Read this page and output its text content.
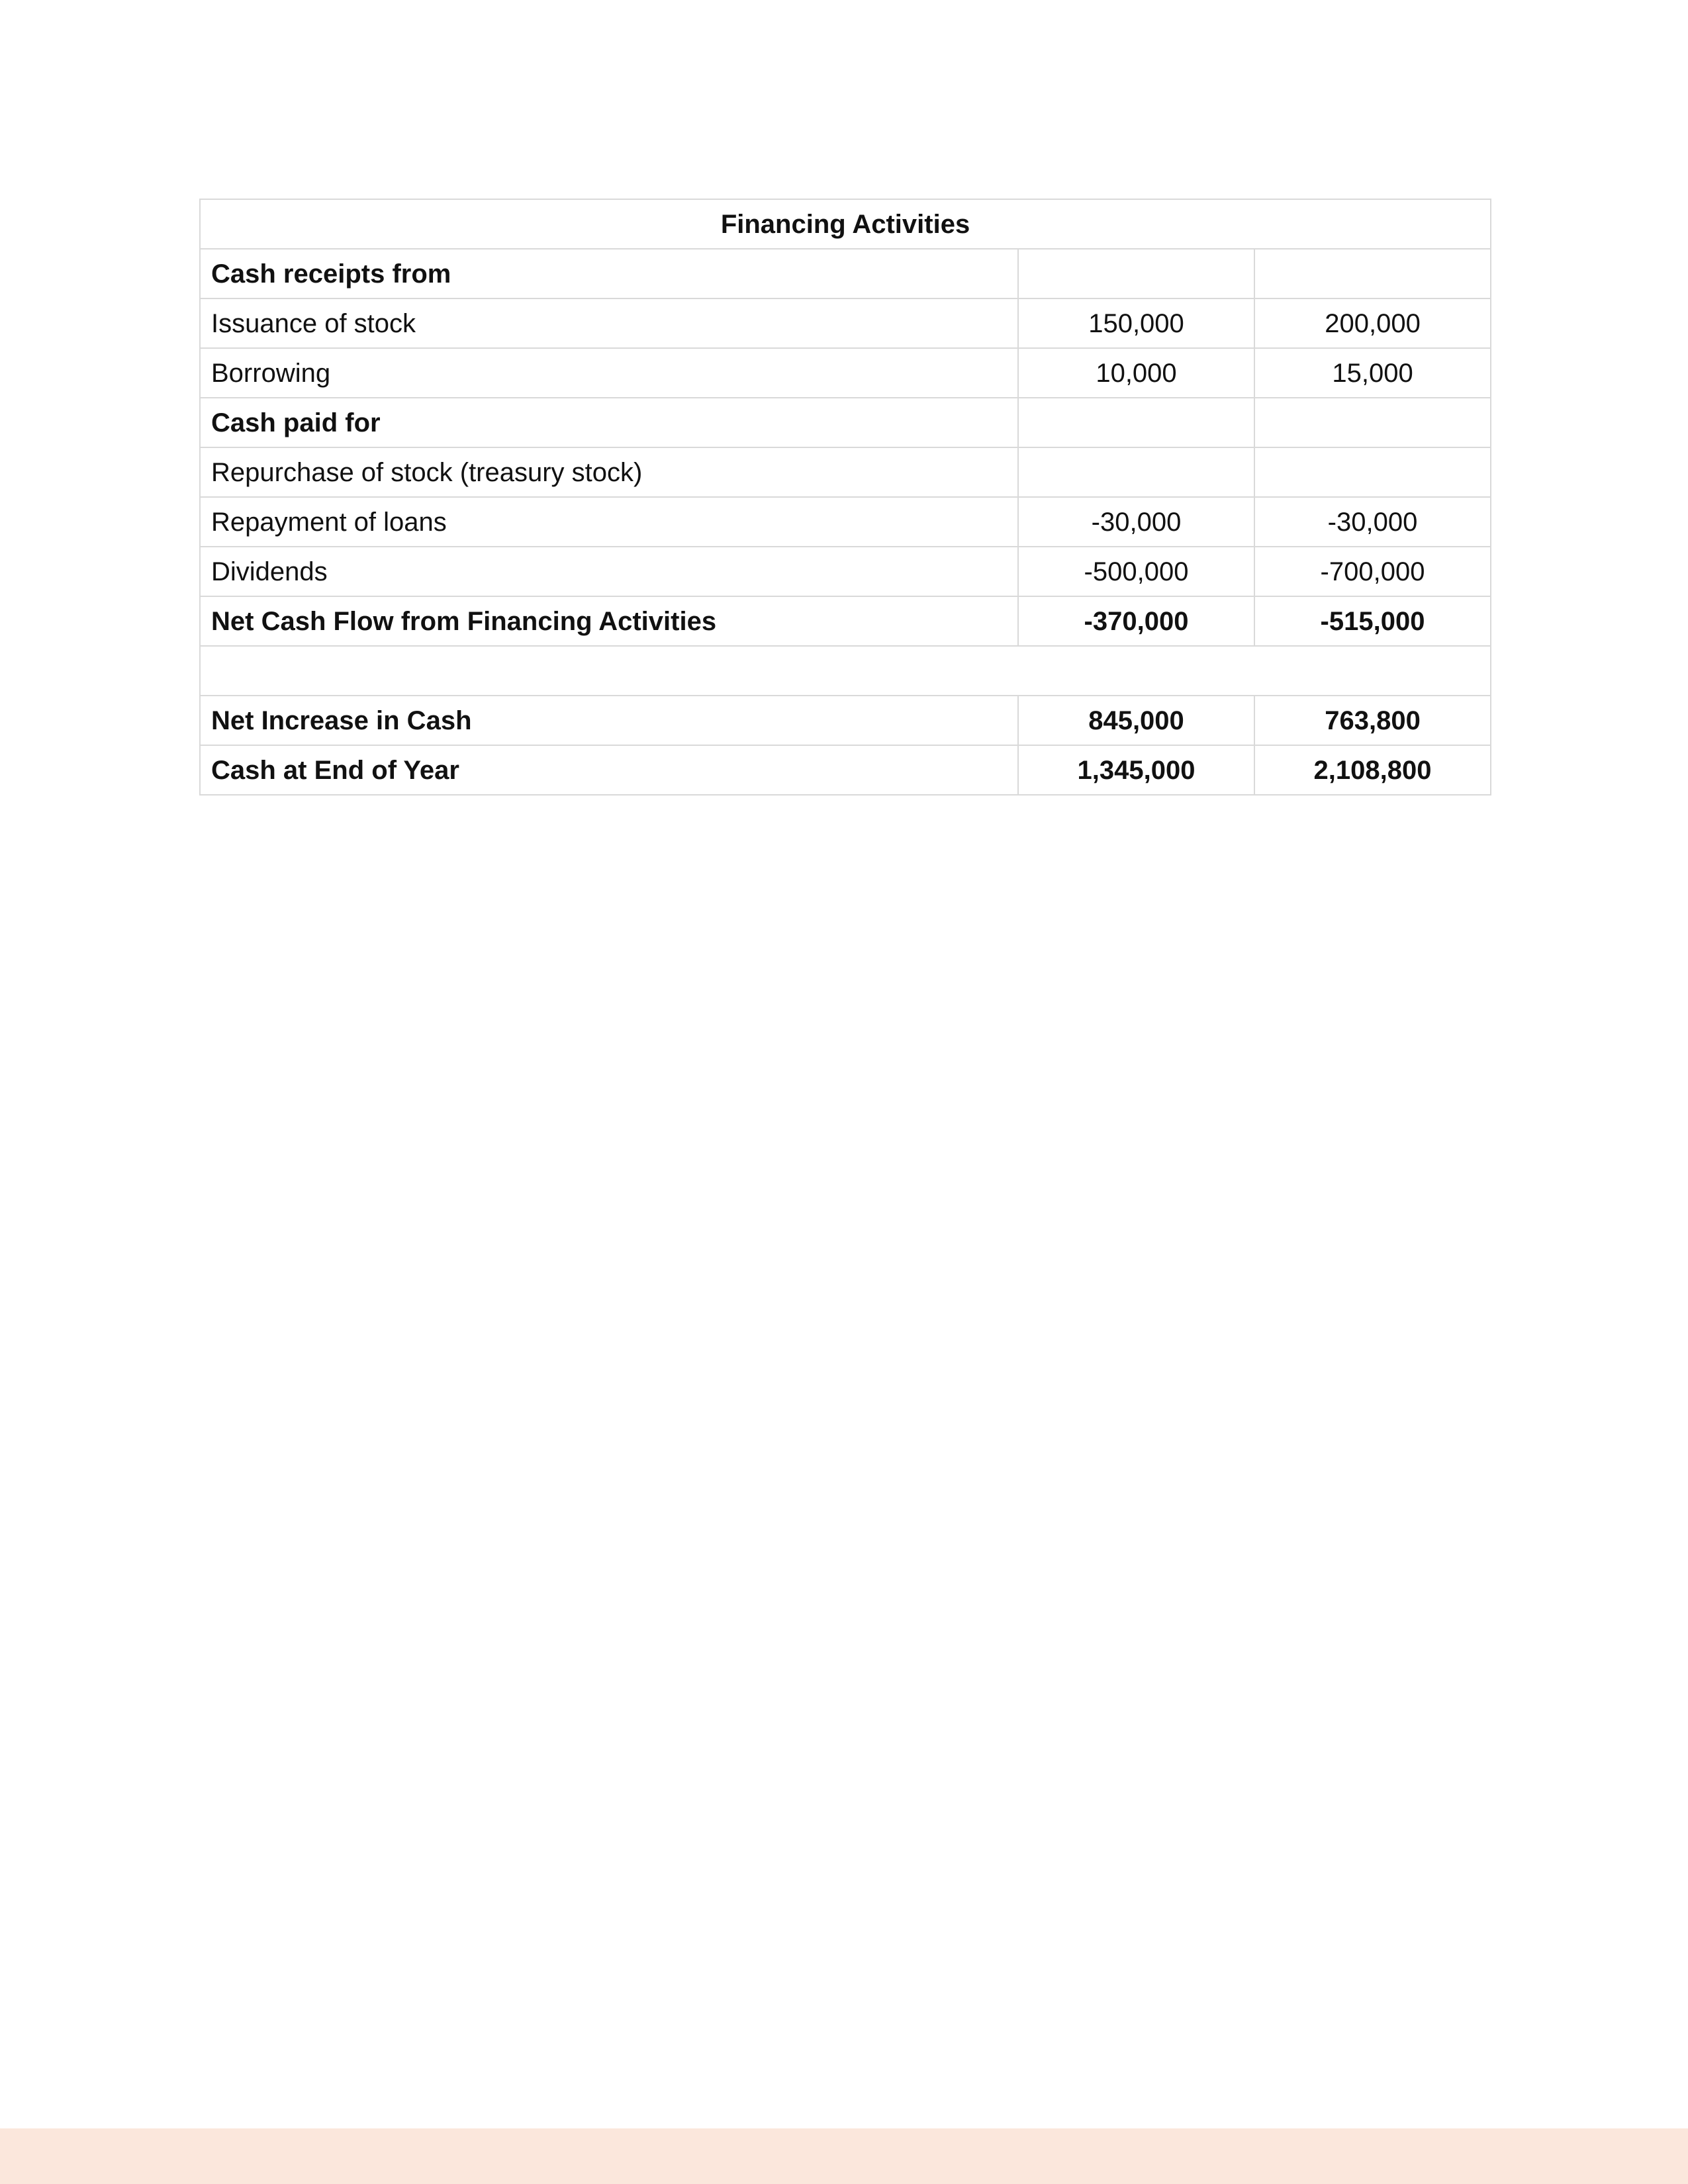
Financing Activities		
Cash receipts from		
Issuance of stock	150,000	200,000
Borrowing	10,000	15,000
Cash paid for		
Repurchase of stock (treasury stock)		
Repayment of loans	-30,000	-30,000
Dividends	-500,000	-700,000
Net Cash Flow from Financing Activities	-370,000	-515,000

Net Increase in Cash	845,000	763,800
Cash at End of Year	1,345,000	2,108,800
